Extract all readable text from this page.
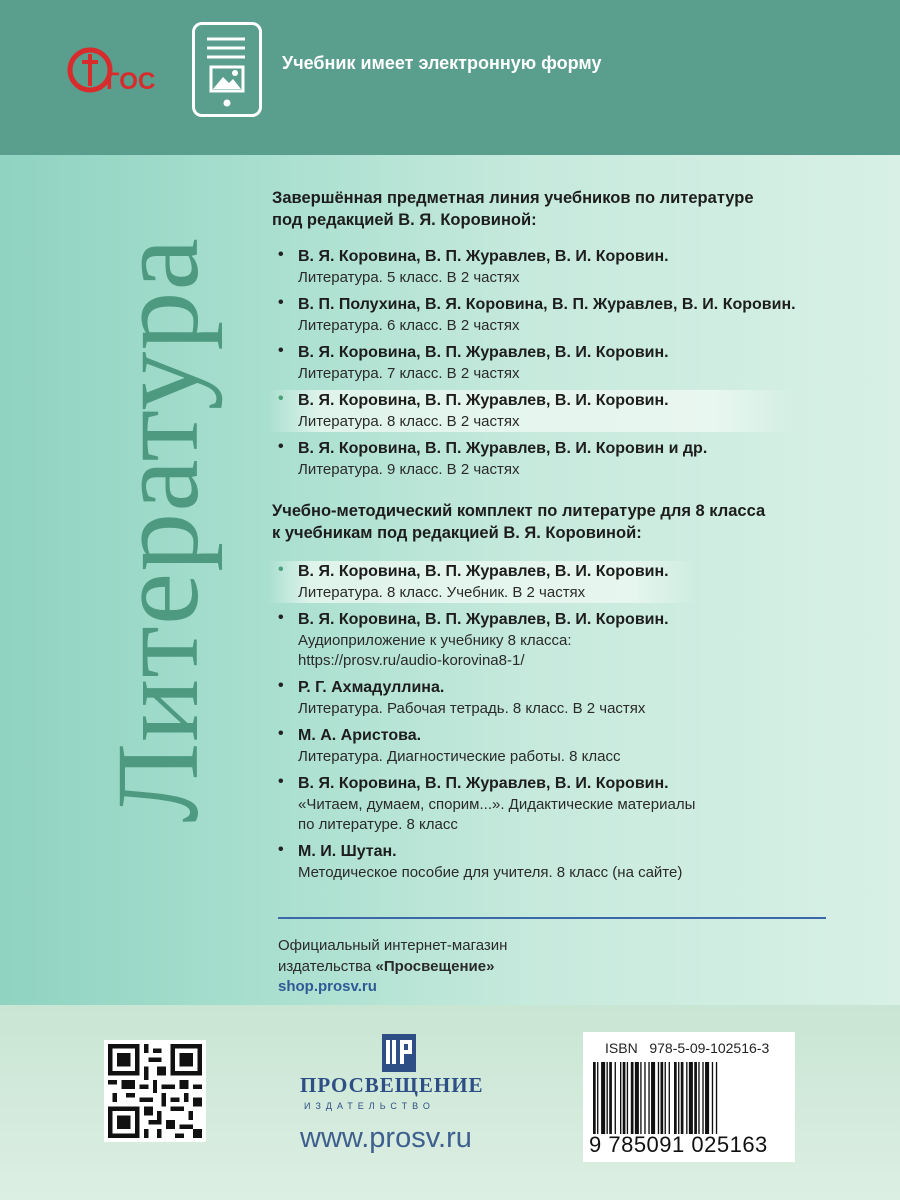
ГОС
Учебник имеет электронную форму
Литература
Завершённая предметная линия учебников по литературе
под редакцией В. Я. Коровиной:
• В. Я. Коровина, В. П. Журавлев, В. И. Коровин.
Литература. 5 класс. В 2 частях
• В. П. Полухина, В. Я. Коровина, В. П. Журавлев, В. И. Коровин.
Литература. 6 класс. В 2 частях
• В. Я. Коровина, В. П. Журавлев, В. И. Коровин.
Литература. 7 класс. В 2 частях
• В. Я. Коровина, В. П. Журавлев, В. И. Коровин.
Литература. 8 класс. В 2 частях
• В. Я. Коровина, В. П. Журавлев, В. И. Коровин и др.
Литература. 9 класс. В 2 частях
Учебно-методический комплект по литературе для 8 класса
к учебникам под редакцией В. Я. Коровиной:
• В. Я. Коровина, В. П. Журавлев, В. И. Коровин.
Литература. 8 класс. Учебник. В 2 частях
• В. Я. Коровина, В. П. Журавлев, В. И. Коровин.
Аудиоприложение к учебнику 8 класса:
https://prosv.ru/audio-korovina8-1/
• Р. Г. Ахмадуллина.
Литература. Рабочая тетрадь. 8 класс. В 2 частях
• М. А. Аристова.
Литература. Диагностические работы. 8 класс
• В. Я. Коровина, В. П. Журавлев, В. И. Коровин.
«Читаем, думаем, спорим...». Дидактические материалы
по литературе. 8 класс
• М. И. Шутан.
Методическое пособие для учителя. 8 класс (на сайте)
Официальный интернет-магазин
издательства «Просвещение»
shop.prosv.ru
ПРОСВЕЩЕНИЕ
ИЗДАТЕЛЬСТВО
www.prosv.ru
ISBN 978-5-09-102516-3
9 785091 025163
